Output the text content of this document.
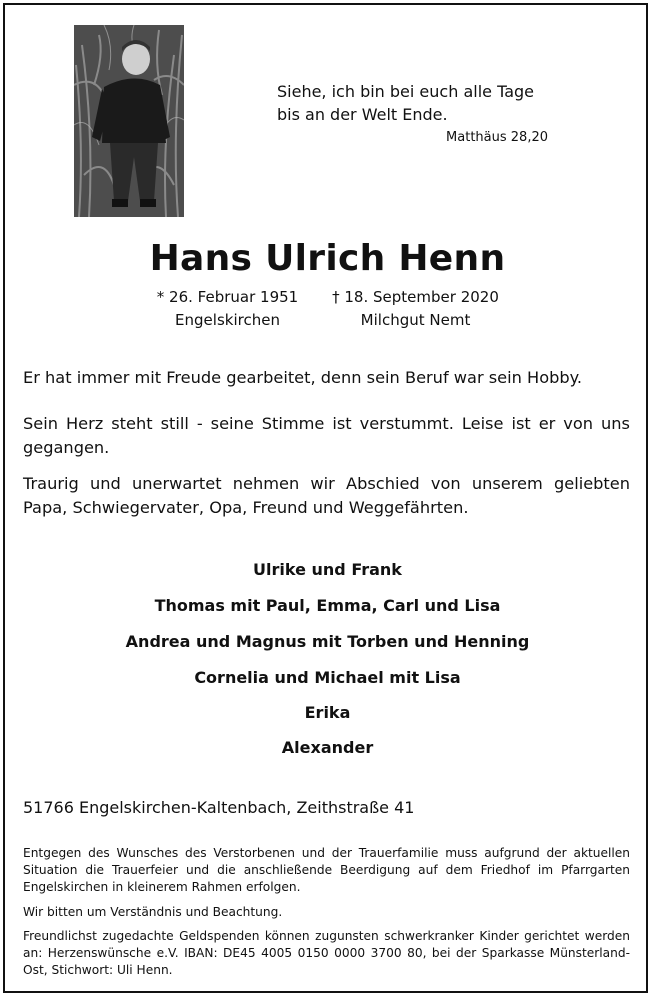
Siehe, ich bin bei euch alle Tage
bis an der Welt Ende.
Matthäus 28,20
Hans Ulrich Henn
* 26. Februar 1951
Engelskirchen
† 18. September 2020
Milchgut Nemt
Er hat immer mit Freude gearbeitet, denn sein Beruf war sein Hobby.
Sein Herz steht still - seine Stimme ist verstummt. Leise ist er von uns gegangen.
Traurig und unerwartet nehmen wir Abschied von unserem geliebten Papa, Schwiegervater, Opa, Freund und Weggefährten.
Ulrike und Frank
Thomas mit Paul, Emma, Carl und Lisa
Andrea und Magnus mit Torben und Henning
Cornelia und Michael mit Lisa
Erika
Alexander
51766 Engelskirchen-Kaltenbach, Zeithstraße 41
Entgegen des Wunsches des Verstorbenen und der Trauerfamilie muss aufgrund der aktuellen Situation die Trauerfeier und die anschließende Beerdigung auf dem Friedhof im Pfarrgarten Engelskirchen in kleinerem Rahmen erfolgen.
Wir bitten um Verständnis und Beachtung.
Freundlichst zugedachte Geldspenden können zugunsten schwerkranker Kinder gerichtet werden an: Herzenswünsche e.V. IBAN: DE45 4005 0150 0000 3700 80, bei der Sparkasse Münsterland-Ost, Stichwort: Uli Henn.
